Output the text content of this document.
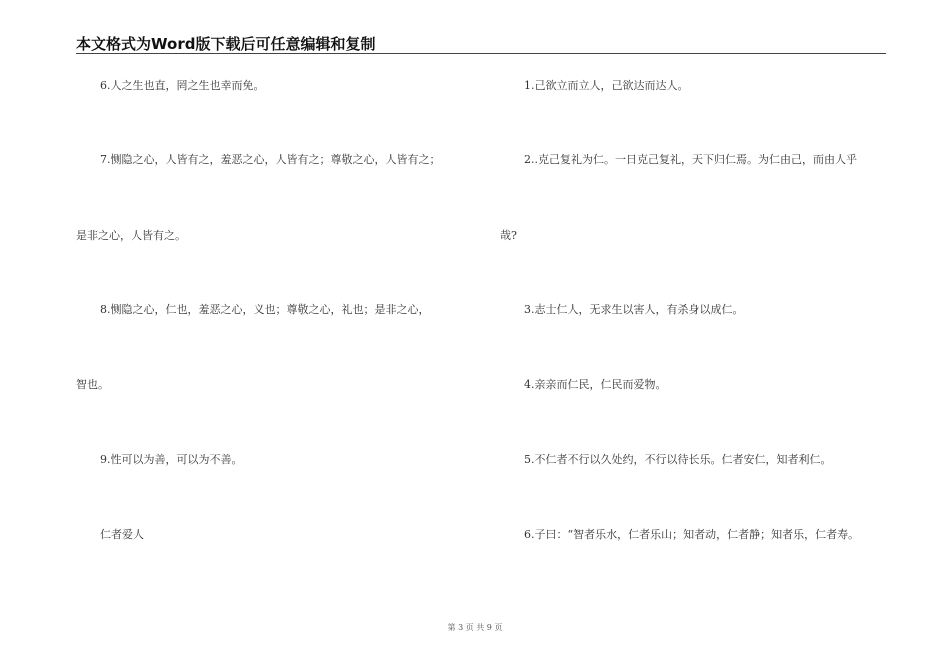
本文格式为Word版下载后可任意编辑和复制
6.人之生也直，罔之生也幸而免。
7.恻隐之心，人皆有之，羞恶之心，人皆有之；尊敬之心，人皆有之；
是非之心，人皆有之。
8.恻隐之心，仁也，羞恶之心，义也；尊敬之心，礼也；是非之心，
智也。
9.性可以为善，可以为不善。
仁者爱人
1.己欲立而立人，己欲达而达人。
2..克己复礼为仁。一日克己复礼，天下归仁焉。为仁由己，而由人乎
哉?
3.志士仁人，无求生以害人，有杀身以成仁。
4.亲亲而仁民，仁民而爱物。
5.不仁者不行以久处约，不行以待长乐。仁者安仁，知者利仁。
6.子曰：“智者乐水，仁者乐山；知者动，仁者静；知者乐，仁者寿。
第 3 页 共 9 页
